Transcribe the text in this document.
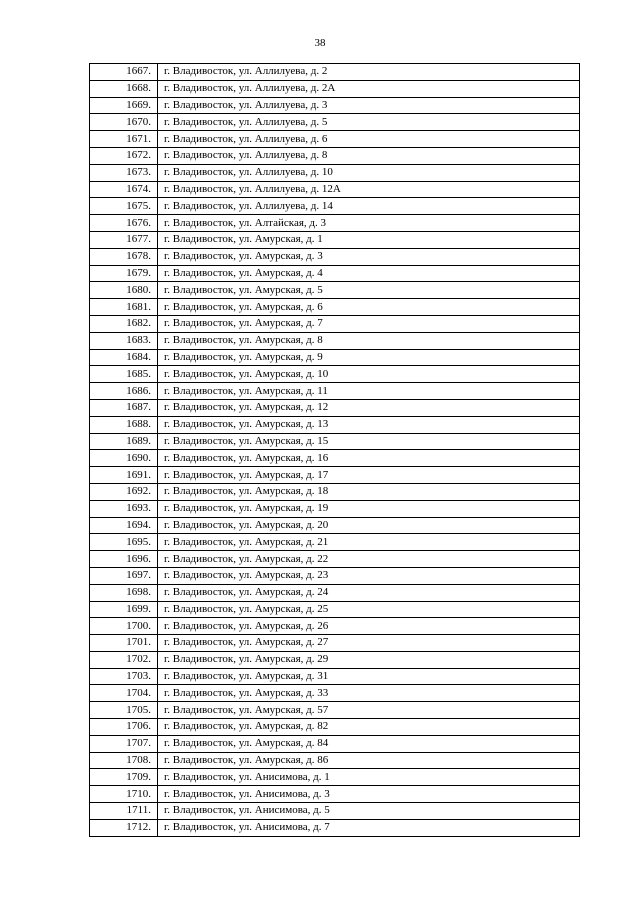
38
1667.	г. Владивосток, ул. Аллилуева, д. 2
1668.	г. Владивосток, ул. Аллилуева, д. 2А
1669.	г. Владивосток, ул. Аллилуева, д. 3
1670.	г. Владивосток, ул. Аллилуева, д. 5
1671.	г. Владивосток, ул. Аллилуева, д. 6
1672.	г. Владивосток, ул. Аллилуева, д. 8
1673.	г. Владивосток, ул. Аллилуева, д. 10
1674.	г. Владивосток, ул. Аллилуева, д. 12А
1675.	г. Владивосток, ул. Аллилуева, д. 14
1676.	г. Владивосток, ул. Алтайская, д. 3
1677.	г. Владивосток, ул. Амурская, д. 1
1678.	г. Владивосток, ул. Амурская, д. 3
1679.	г. Владивосток, ул. Амурская, д. 4
1680.	г. Владивосток, ул. Амурская, д. 5
1681.	г. Владивосток, ул. Амурская, д. 6
1682.	г. Владивосток, ул. Амурская, д. 7
1683.	г. Владивосток, ул. Амурская, д. 8
1684.	г. Владивосток, ул. Амурская, д. 9
1685.	г. Владивосток, ул. Амурская, д. 10
1686.	г. Владивосток, ул. Амурская, д. 11
1687.	г. Владивосток, ул. Амурская, д. 12
1688.	г. Владивосток, ул. Амурская, д. 13
1689.	г. Владивосток, ул. Амурская, д. 15
1690.	г. Владивосток, ул. Амурская, д. 16
1691.	г. Владивосток, ул. Амурская, д. 17
1692.	г. Владивосток, ул. Амурская, д. 18
1693.	г. Владивосток, ул. Амурская, д. 19
1694.	г. Владивосток, ул. Амурская, д. 20
1695.	г. Владивосток, ул. Амурская, д. 21
1696.	г. Владивосток, ул. Амурская, д. 22
1697.	г. Владивосток, ул. Амурская, д. 23
1698.	г. Владивосток, ул. Амурская, д. 24
1699.	г. Владивосток, ул. Амурская, д. 25
1700.	г. Владивосток, ул. Амурская, д. 26
1701.	г. Владивосток, ул. Амурская, д. 27
1702.	г. Владивосток, ул. Амурская, д. 29
1703.	г. Владивосток, ул. Амурская, д. 31
1704.	г. Владивосток, ул. Амурская, д. 33
1705.	г. Владивосток, ул. Амурская, д. 57
1706.	г. Владивосток, ул. Амурская, д. 82
1707.	г. Владивосток, ул. Амурская, д. 84
1708.	г. Владивосток, ул. Амурская, д. 86
1709.	г. Владивосток, ул. Анисимова, д. 1
1710.	г. Владивосток, ул. Анисимова, д. 3
1711.	г. Владивосток, ул. Анисимова, д. 5
1712.	г. Владивосток, ул. Анисимова, д. 7
